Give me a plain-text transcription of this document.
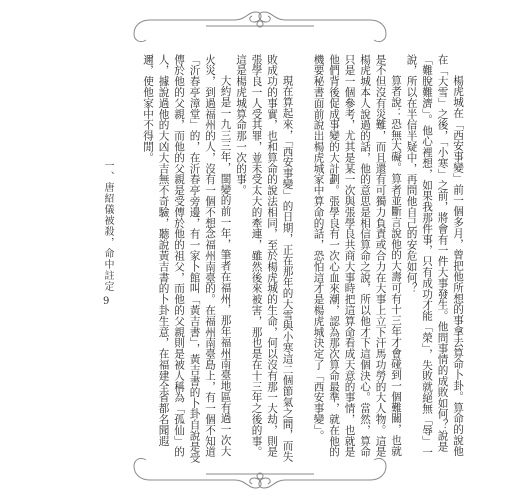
一、唐紹儀被殺，命中註定
9	楊虎城在「西安事變」前一個多月，曾把他所想的事拿去算命卜卦。算命的說他在「大雪」之後，「小寒」之前，將會有一件大事發生。他問事情的成敗如何？說是「難脫難濟」。他心裡想，如果我那件事，只有成功才能「榮」，失敗就絕無「辱」一說，所以在半信半疑中，再問他自己的安危如何？

算者說：恐無大礙。算者並斷言說他的大壽可有十三年才會碰到一個難關，也就是不但沒有災難，而且還有可獨力負責或合力在大事上立下汗馬功勞的大人物。這是楊虎城本人說過的話，他的意思是相信算命之說，所以他才下這個決心。當然，算命只是一個參考，尤其是某一次與張學良共商大事時把這算命看成天意的事情，也就是他們背後促成事變的大計劃。張學良有一次心血來潮，認為那次算命最準，就在他的機要秘書面前說出楊虎城家中算命的話，恐怕這才是楊虎城決定了「西安事變」。

現在算起來，「西安事變」的日期，正在那年的大雪與小寒這二個節氣之間，而失敗成功的事實，也和算命的說法相同，至於楊虎城的生命，何以沒有那一大劫，則是張學良一人受其罪，並未受太大的牽連，雖然後來被害，那也是在十三年之後的事。這是楊虎城算命那一次的事。

大約是一九三三年，閩變的前一年，筆者在福州，那年福州南臺地區有過一次大火災，到過福州的人，沒有一個不想念福州南臺的。在福州南臺島上，有一個不知道「沂春亭漳堂」的，在沂春亭旁邊，有一家卜館叫「黃吉書」，黃吉書的卜卦自說是受傳於他的父親，而他的父親是受傳於他的祖父，而他的父親則是被人稱為「孤仙」的人，據說過他的大凶大吉無不奇驗，聽說黃吉書的卜卦生意，在福建全省都名聞遐邇，使他家中不得閒。
